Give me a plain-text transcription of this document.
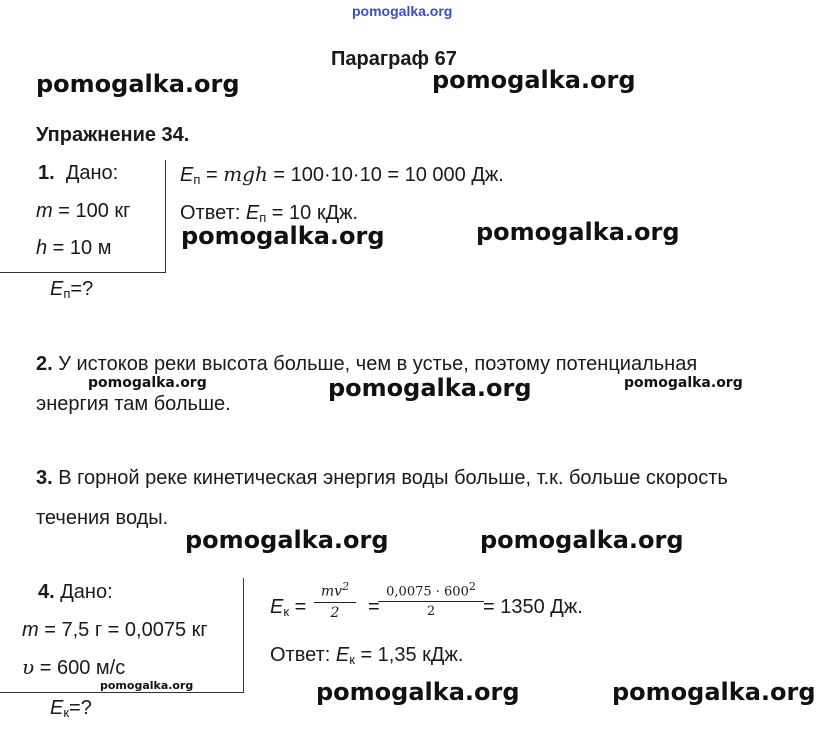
pomogalka.org
pomogalka.org	pomogalka.org
pomogalka.org	pomogalka.org
pomogalka.org	pomogalka.org	pomogalka.org
pomogalka.org	pomogalka.org
pomogalka.org	pomogalka.org	pomogalka.org
Параграф 67
Упражнение 34.
1. Дано:
m = 100 кг
h = 10 м
$E_п=$?
$E_п$ = mgh = 100·10·10 = 10 000 Дж.
Ответ: $E_п = 10$ кДж.
2. У истоков реки высота больше, чем в устье, поэтому потенциальная
энергия там больше.
3. В горной реке кинетическая энергия воды больше, т.к. больше скорость
течения воды.
4. Дано:
m = 7,5 г = 0,0075 кг
υ = 600 м/с
$E_к=$?
$E_к$ =
$mv^2$
2	=
$0,0075 \cdot 600^2$
2	= 1350 Дж.
Ответ: $E_к = 1,35$ кДж.
